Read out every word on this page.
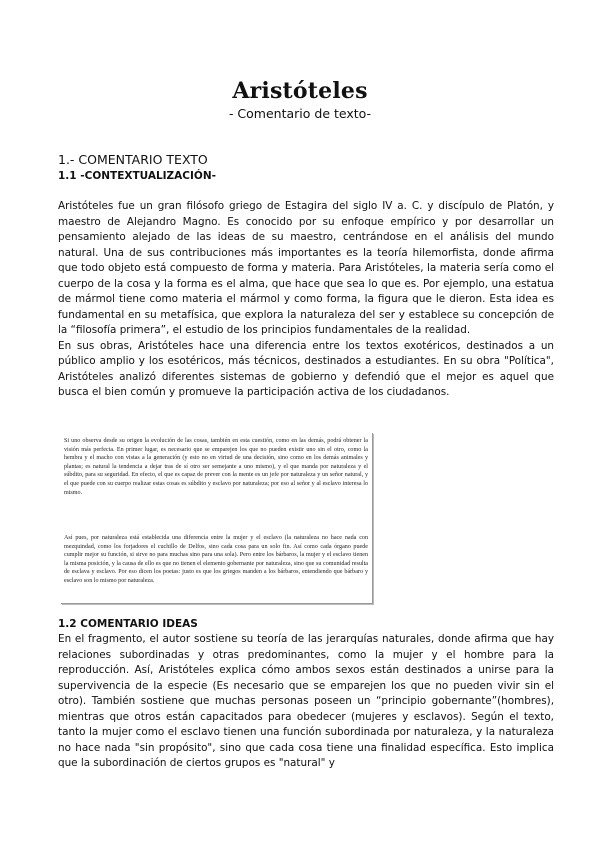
Aristóteles
- Comentario de texto-
1.- COMENTARIO TEXTO
1.1 -CONTEXTUALIZACIÓN-

Aristóteles fue un gran filósofo griego de Estagira del siglo IV a. C. y discípulo de Platón, y maestro de Alejandro Magno. Es conocido por su enfoque empírico y por desarrollar un pensamiento alejado de las ideas de su maestro, centrándose en el análisis del mundo natural. Una de sus contribuciones más importantes es la teoría hilemorfista, donde afirma que todo objeto está compuesto de forma y materia. Para Aristóteles, la materia sería como el cuerpo de la cosa y la forma es el alma, que hace que sea lo que es. Por ejemplo, una estatua de mármol tiene como materia el mármol y como forma, la figura que le dieron. Esta idea es fundamental en su metafísica, que explora la naturaleza del ser y establece su concepción de la “filosofía primera”, el estudio de los principios fundamentales de la realidad.

En sus obras, Aristóteles hace una diferencia entre los textos exotéricos, destinados a un público amplio y los esotéricos, más técnicos, destinados a estudiantes. En su obra "Política", Aristóteles analizó diferentes sistemas de gobierno y defendió que el mejor es aquel que busca el bien común y promueve la participación activa de los ciudadanos.

Si uno observa desde su origen la evolución de las cosas, también en esta cuestión, como en las demás, podrá obtener la visión más perfecta. En primer lugar, es necesario que se emparejen los que no pueden existir uno sin el otro, como la hembra y el macho con vistas a la generación (y esto no en virtud de una decisión, sino como en los demás animales y plantas; es natural la tendencia a dejar tras de sí otro ser semejante a uno mismo), y el que manda por naturaleza y el súbdito, para su seguridad. En efecto, el que es capaz de prever con la mente es un jefe por naturaleza y un señor natural, y el que puede con su cuerpo realizar estas cosas es súbdito y esclavo por naturaleza; por eso al señor y al esclavo interesa lo mismo.
Así pues, por naturaleza está establecida una diferencia entre la mujer y el esclavo (la naturaleza no hace nada con mezquindad, como los forjadores el cuchillo de Delfos, sino cada cosa para un solo fin. Así como cada órgano puede cumplir mejor su función, si sirve no para muchas sino para una sola). Pero entre los bárbaros, la mujer y el esclavo tienen la misma posición, y la causa de ello es que no tienen el elemento gobernante por naturaleza, sino que su comunidad resulta de esclava y esclavo. Por eso dicen los poetas: justo es que los griegos manden a los bárbaros, entendiendo que bárbaro y esclavo son lo mismo por naturaleza.
1.2 COMENTARIO IDEAS

En el fragmento, el autor sostiene su teoría de las jerarquías naturales, donde afirma que hay relaciones subordinadas y otras predominantes, como la mujer y el hombre para la reproducción. Así, Aristóteles explica cómo ambos sexos están destinados a unirse para la supervivencia de la especie (Es necesario que se emparejen los que no pueden vivir sin el otro). También sostiene que muchas personas poseen un “principio gobernante”(hombres), mientras que otros están capacitados para obedecer (mujeres y esclavos). Según el texto, tanto la mujer como el esclavo tienen una función subordinada por naturaleza, y la naturaleza no hace nada "sin propósito", sino que cada cosa tiene una finalidad específica. Esto implica que la subordinación de ciertos grupos es "natural" y
